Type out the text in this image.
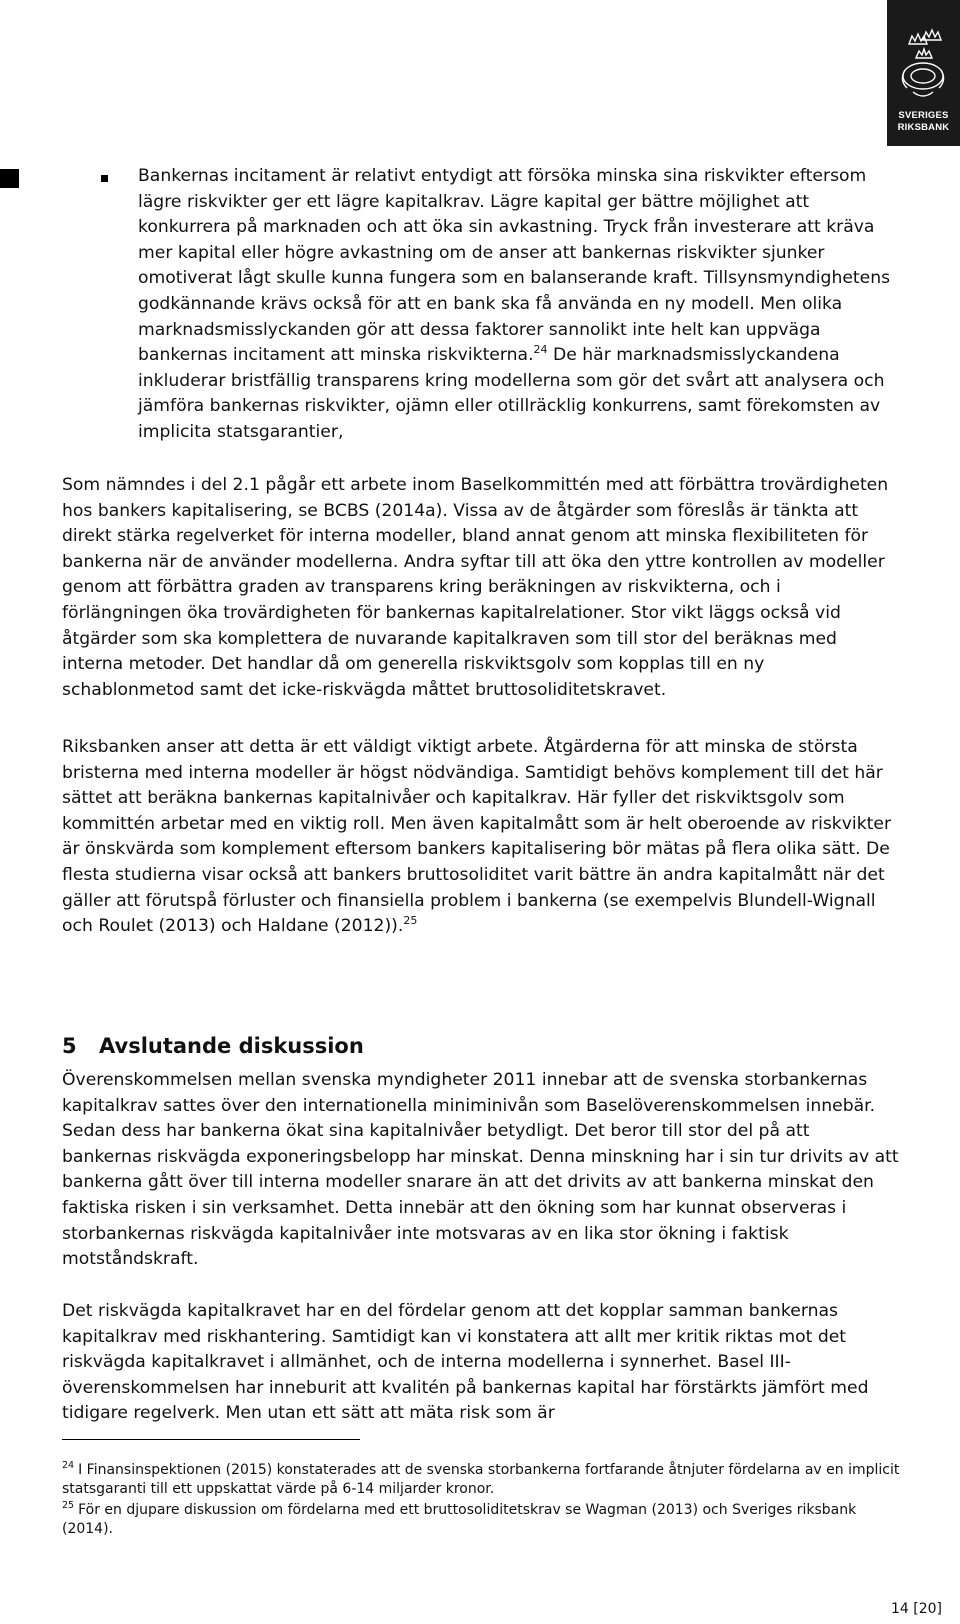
SVERIGES
RIKSBANK
Bankernas incitament är relativt entydigt att försöka minska sina riskvikter eftersom lägre riskvikter ger ett lägre kapitalkrav. Lägre kapital ger bättre möjlighet att konkurrera på marknaden och att öka sin avkastning. Tryck från investerare att kräva mer kapital eller högre avkastning om de anser att bankernas riskvikter sjunker omotiverat lågt skulle kunna fungera som en balanserande kraft. Tillsynsmyndighetens godkännande krävs också för att en bank ska få använda en ny modell. Men olika marknadsmisslyckanden gör att dessa faktorer sannolikt inte helt kan uppväga bankernas incitament att minska riskvikterna.$^{24}$ De här marknadsmisslyckandena inkluderar bristfällig transparens kring modellerna som gör det svårt att analysera och jämföra bankernas riskvikter, ojämn eller otillräcklig konkurrens, samt förekomsten av implicita statsgarantier,
Som nämndes i del 2.1 pågår ett arbete inom Baselkommittén med att förbättra trovärdigheten hos bankers kapitalisering, se BCBS (2014a). Vissa av de åtgärder som föreslås är tänkta att direkt stärka regelverket för interna modeller, bland annat genom att minska flexibiliteten för bankerna när de använder modellerna. Andra syftar till att öka den yttre kontrollen av modeller genom att förbättra graden av transparens kring beräkningen av riskvikterna, och i förlängningen öka trovärdigheten för bankernas kapitalrelationer. Stor vikt läggs också vid åtgärder som ska komplettera de nuvarande kapitalkraven som till stor del beräknas med interna metoder. Det handlar då om generella riskviktsgolv som kopplas till en ny schablonmetod samt det icke-riskvägda måttet bruttosoliditetskravet.
Riksbanken anser att detta är ett väldigt viktigt arbete. Åtgärderna för att minska de största bristerna med interna modeller är högst nödvändiga. Samtidigt behövs komplement till det här sättet att beräkna bankernas kapitalnivåer och kapitalkrav. Här fyller det riskviktsgolv som kommittén arbetar med en viktig roll. Men även kapitalmått som är helt oberoende av riskvikter är önskvärda som komplement eftersom bankers kapitalisering bör mätas på flera olika sätt. De flesta studierna visar också att bankers bruttosoliditet varit bättre än andra kapitalmått när det gäller att förutspå förluster och finansiella problem i bankerna (se exempelvis Blundell-Wignall och Roulet (2013) och Haldane (2012)).$^{25}$
5 Avslutande diskussion
Överenskommelsen mellan svenska myndigheter 2011 innebar att de svenska storbankernas kapitalkrav sattes över den internationella miniminivån som Baselöverenskommelsen innebär. Sedan dess har bankerna ökat sina kapitalnivåer betydligt. Det beror till stor del på att bankernas riskvägda exponeringsbelopp har minskat. Denna minskning har i sin tur drivits av att bankerna gått över till interna modeller snarare än att det drivits av att bankerna minskat den faktiska risken i sin verksamhet. Detta innebär att den ökning som har kunnat observeras i storbankernas riskvägda kapitalnivåer inte motsvaras av en lika stor ökning i faktisk motståndskraft.
Det riskvägda kapitalkravet har en del fördelar genom att det kopplar samman bankernas kapitalkrav med riskhantering. Samtidigt kan vi konstatera att allt mer kritik riktas mot det riskvägda kapitalkravet i allmänhet, och de interna modellerna i synnerhet. Basel III-överenskommelsen har inneburit att kvalitén på bankernas kapital har förstärkts jämfört med tidigare regelverk. Men utan ett sätt att mäta risk som är
$^{24}$ I Finansinspektionen (2015) konstaterades att de svenska storbankerna fortfarande åtnjuter fördelarna av en implicit statsgaranti till ett uppskattat värde på 6-14 miljarder kronor.
$^{25}$ För en djupare diskussion om fördelarna med ett bruttosoliditetskrav se Wagman (2013) och Sveriges riksbank (2014).
14 [20]
